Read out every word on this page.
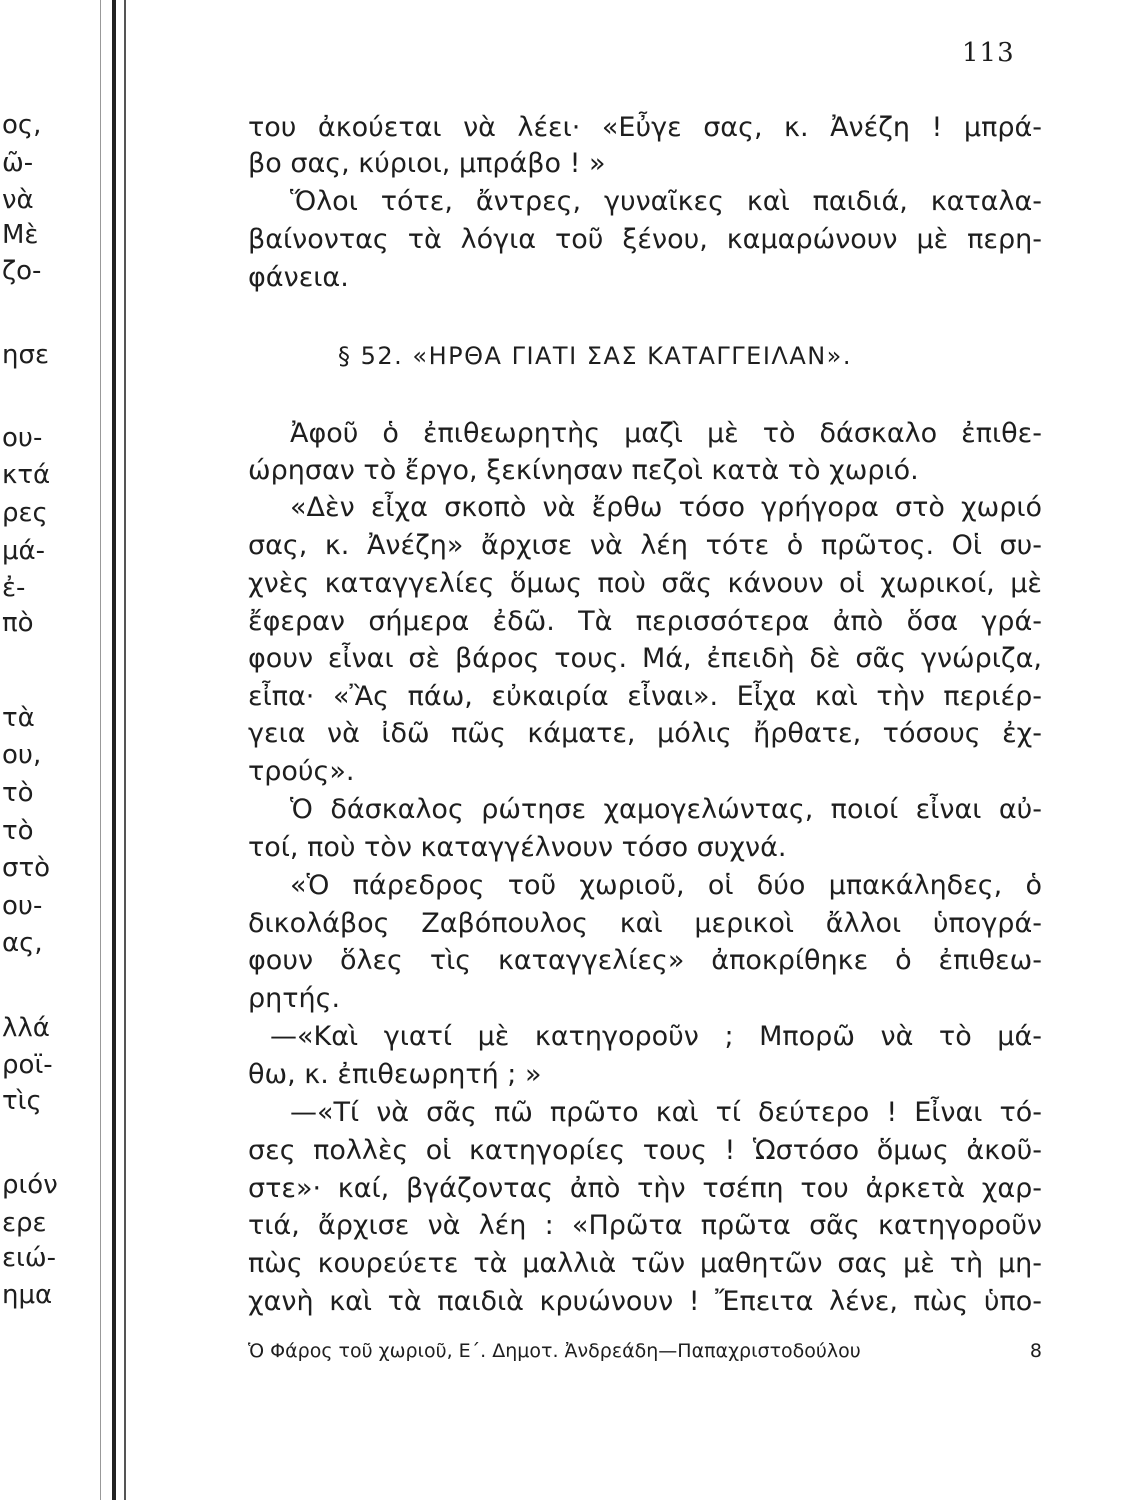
ος,
ῶ-
νὰ
Μὲ
ζο-
ησε
ου-
κτά
ρες
μά-
ἐ-
πὸ
τὰ
ου,
τὸ
τὸ
στὸ
ου-
ας,
λλά
ροϊ-
τὶς
ριόν
ερε
ειώ-
ημα
113
του ἀκούεται νὰ λέει· «Εὖγε σας, κ. Ἀνέζη ! μπρά-
βο σας, κύριοι, μπράβο ! »
Ὅλοι τότε, ἄντρες, γυναῖκες καὶ παιδιά, καταλα-
βαίνοντας τὰ λόγια τοῦ ξένου, καμαρώνουν μὲ περη-
φάνεια.
§ 52. «ΗΡΘΑ ΓΙΑΤΙ ΣΑΣ ΚΑΤΑΓΓΕΙΛΑΝ».
Ἀφοῦ ὁ ἐπιθεωρητὴς μαζὶ μὲ τὸ δάσκαλο ἐπιθε-
ώρησαν τὸ ἔργο, ξεκίνησαν πεζοὶ κατὰ τὸ χωριό.
«Δὲν εἶχα σκοπὸ νὰ ἔρθω τόσο γρήγορα στὸ χωριό
σας, κ. Ἀνέζη» ἄρχισε νὰ λέη τότε ὁ πρῶτος. Οἱ συ-
χνὲς καταγγελίες ὅμως ποὺ σᾶς κάνουν οἱ χωρικοί, μὲ
ἔφεραν σήμερα ἐδῶ. Τὰ περισσότερα ἀπὸ ὅσα γρά-
φουν εἶναι σὲ βάρος τους. Μά, ἐπειδὴ δὲ σᾶς γνώριζα,
εἶπα· «Ἂς πάω, εὐκαιρία εἶναι». Εἶχα καὶ τὴν περιέρ-
γεια νὰ ἰδῶ πῶς κάματε, μόλις ἤρθατε, τόσους ἐχ-
τρούς».
Ὁ δάσκαλος ρώτησε χαμογελώντας, ποιοί εἶναι αὐ-
τοί, ποὺ τὸν καταγγέλνουν τόσο συχνά.
«Ὁ πάρεδρος τοῦ χωριοῦ, οἱ δύο μπακάληδες, ὁ
δικολάβος Ζαβόπουλος καὶ μερικοὶ ἄλλοι ὑπογρά-
φουν ὅλες τὶς καταγγελίες» ἀποκρίθηκε ὁ ἐπιθεω-
ρητής.
—«Καὶ γιατί μὲ κατηγοροῦν ; Μπορῶ νὰ τὸ μά-
θω, κ. ἐπιθεωρητή ; »
—«Τί νὰ σᾶς πῶ πρῶτο καὶ τί δεύτερο ! Εἶναι τό-
σες πολλὲς οἱ κατηγορίες τους ! Ὡστόσο ὅμως ἀκοῦ-
στε»· καί, βγάζοντας ἀπὸ τὴν τσέπη του ἀρκετὰ χαρ-
τιά, ἄρχισε νὰ λέη : «Πρῶτα πρῶτα σᾶς κατηγοροῦν
πὼς κουρεύετε τὰ μαλλιὰ τῶν μαθητῶν σας μὲ τὴ μη-
χανὴ καὶ τὰ παιδιὰ κρυώνουν ! Ἔπειτα λένε, πὼς ὑπο-
Ὁ Φάρος τοῦ χωριοῦ, Ε΄. Δημοτ. Ἀνδρεάδη—Παπαχριστοδούλου	8
